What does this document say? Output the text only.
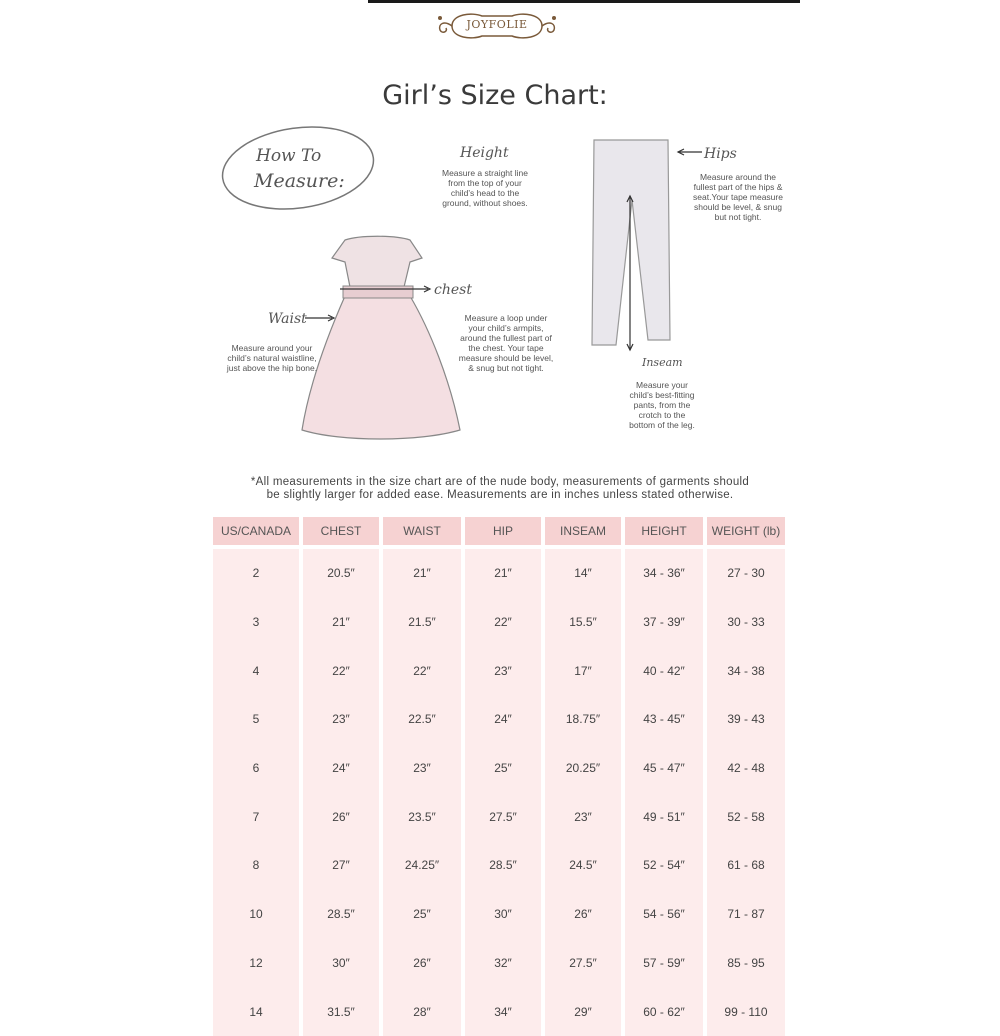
JOYFOLIE
Girl’s Size Chart:
How To
Measure:
Height
Measure a straight line
from the top of your
child’s head to the
ground, without shoes.
Hips
Measure around the
fullest part of the hips &
seat.Your tape measure
should be level, & snug
but not tight.
chest
Measure a loop under
your child’s armpits,
around the fullest part of
the chest. Your tape
measure should be level,
& snug but not tight.
Waist
Measure around your
child’s natural waistline,
just above the hip bone.	Inseam
Measure your
child’s best-fitting
pants, from the
crotch to the
bottom of the leg.
*All measurements in the size chart are of the nude body, measurements of garments should
be slightly larger for added ease. Measurements are in inches unless stated otherwise.
US/CANADA	CHEST	WAIST	HIP	INSEAM	HEIGHT	WEIGHT (lb)
2	20.5″	21″	21″	14″	34 - 36″	27 - 30
3	21″	21.5″	22″	15.5″	37 - 39″	30 - 33
4	22″	22″	23″	17″	40 - 42″	34 - 38
5	23″	22.5″	24″	18.75″	43 - 45″	39 - 43
6	24″	23″	25″	20.25″	45 - 47″	42 - 48
7	26″	23.5″	27.5″	23″	49 - 51″	52 - 58
8	27″	24.25″	28.5″	24.5″	52 - 54″	61 - 68
10	28.5″	25″	30″	26″	54 - 56″	71 - 87
12	30″	26″	32″	27.5″	57 - 59″	85 - 95
14	31.5″	28″	34″	29″	60 - 62″	99 - 110
